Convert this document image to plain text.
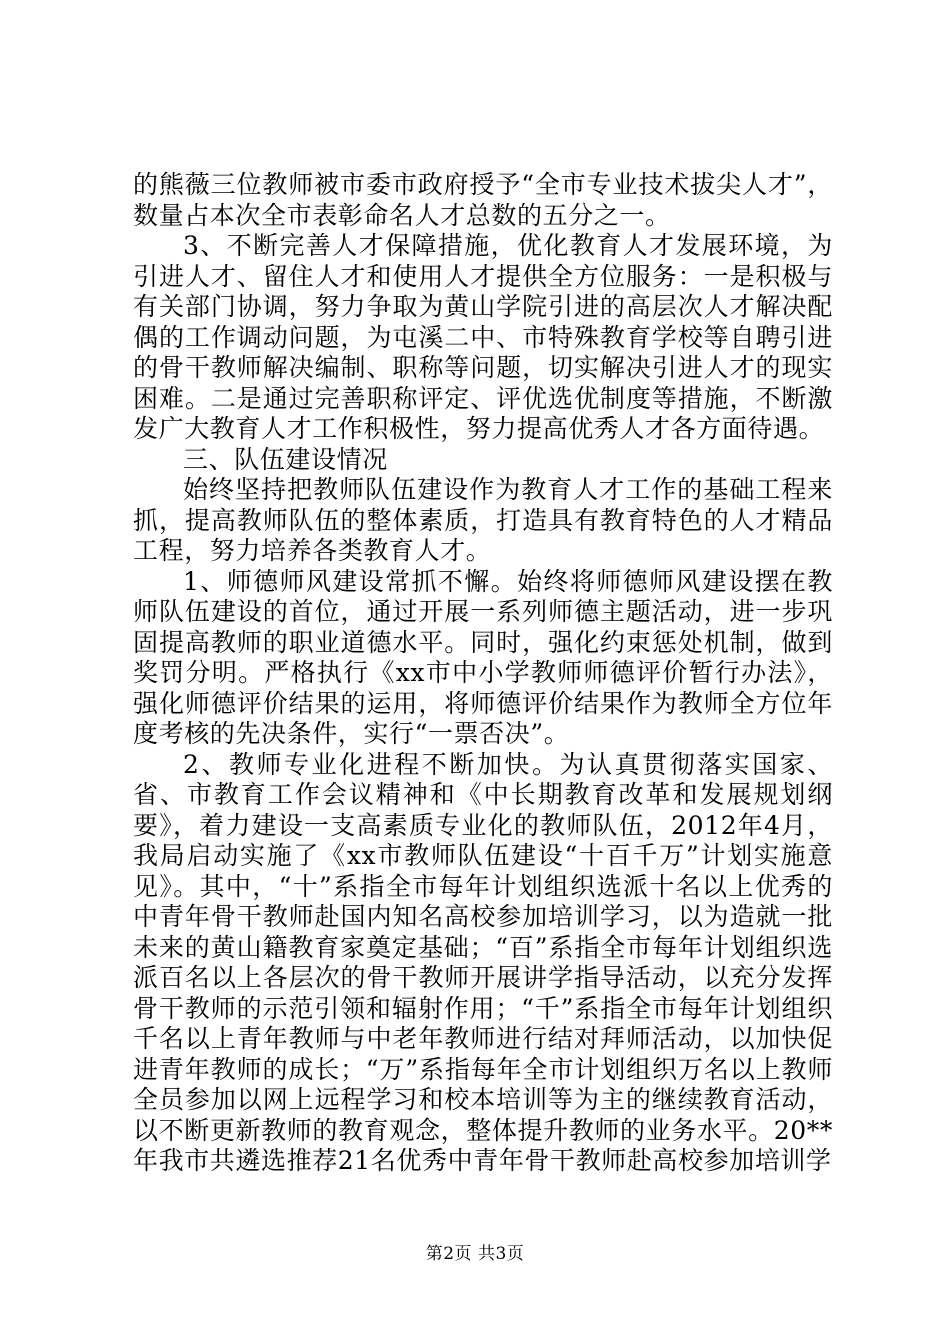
的熊薇三位教师被市委市政府授予“全市专业技术拔尖人才”，数量占本次全市表彰命名人才总数的五分之一。

3、不断完善人才保障措施，优化教育人才发展环境，为引进人才、留住人才和使用人才提供全方位服务：一是积极与有关部门协调，努力争取为黄山学院引进的高层次人才解决配偶的工作调动问题，为屯溪二中、市特殊教育学校等自聘引进的骨干教师解决编制、职称等问题，切实解决引进人才的现实困难。二是通过完善职称评定、评优选优制度等措施，不断激发广大教育人才工作积极性，努力提高优秀人才各方面待遇。

三、队伍建设情况

始终坚持把教师队伍建设作为教育人才工作的基础工程来抓，提高教师队伍的整体素质，打造具有教育特色的人才精品工程，努力培养各类教育人才。

1、师德师风建设常抓不懈。始终将师德师风建设摆在教师队伍建设的首位，通过开展一系列师德主题活动，进一步巩固提高教师的职业道德水平。同时，强化约束惩处机制，做到奖罚分明。严格执行《xx市中小学教师师德评价暂行办法》，强化师德评价结果的运用，将师德评价结果作为教师全方位年度考核的先决条件，实行“一票否决”。

2、教师专业化进程不断加快。为认真贯彻落实国家、省、市教育工作会议精神和《中长期教育改革和发展规划纲要》，着力建设一支高素质专业化的教师队伍，2012年4月，我局启动实施了《xx市教师队伍建设“十百千万”计划实施意见》。其中，“十”系指全市每年计划组织选派十名以上优秀的中青年骨干教师赴国内知名高校参加培训学习，以为造就一批未来的黄山籍教育家奠定基础；“百”系指全市每年计划组织选派百名以上各层次的骨干教师开展讲学指导活动，以充分发挥骨干教师的示范引领和辐射作用；“千”系指全市每年计划组织千名以上青年教师与中老年教师进行结对拜师活动，以加快促进青年教师的成长；“万”系指每年全市计划组织万名以上教师全员参加以网上远程学习和校本培训等为主的继续教育活动，以不断更新教师的教育观念，整体提升教师的业务水平。20**年我市共遴选推荐21名优秀中青年骨干教师赴高校参加培训学

第2页 共3页
